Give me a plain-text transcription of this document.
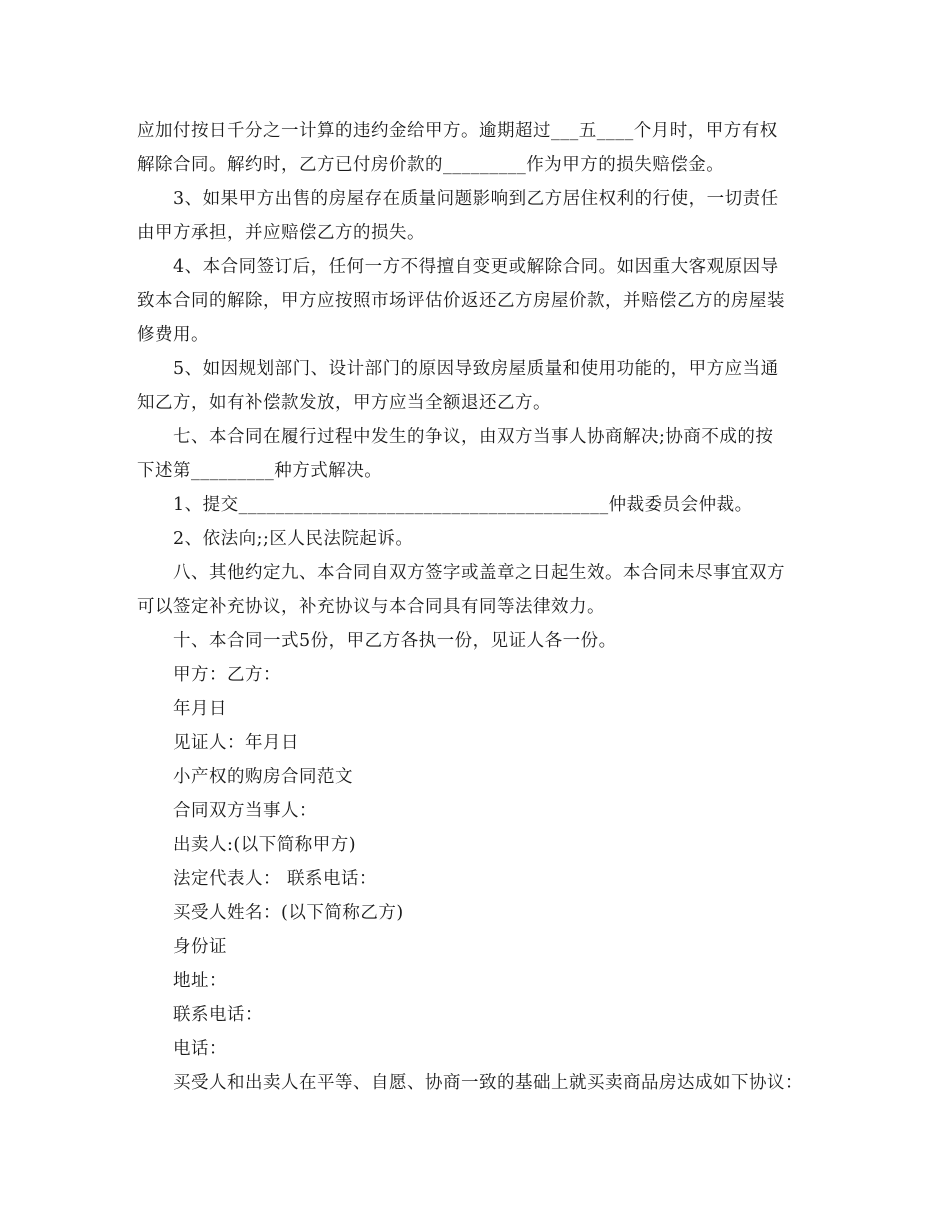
应加付按日千分之一计算的违约金给甲方。逾期超过___五____个月时，甲方有权

解除合同。解约时，乙方已付房价款的_________作为甲方的损失赔偿金。

3、如果甲方出售的房屋存在质量问题影响到乙方居住权利的行使，一切责任

由甲方承担，并应赔偿乙方的损失。

4、本合同签订后，任何一方不得擅自变更或解除合同。如因重大客观原因导

致本合同的解除，甲方应按照市场评估价返还乙方房屋价款，并赔偿乙方的房屋装

修费用。

5、如因规划部门、设计部门的原因导致房屋质量和使用功能的，甲方应当通

知乙方，如有补偿款发放，甲方应当全额退还乙方。

七、本合同在履行过程中发生的争议，由双方当事人协商解决;协商不成的按

下述第_________种方式解决。

1、提交________________________________________仲裁委员会仲裁。

2、依法向;;区人民法院起诉。

八、其他约定九、本合同自双方签字或盖章之日起生效。本合同未尽事宜双方

可以签定补充协议，补充协议与本合同具有同等法律效力。

十、本合同一式5份，甲乙方各执一份，见证人各一份。

甲方：乙方：

年月日

见证人：年月日

小产权的购房合同范文

合同双方当事人：

出卖人:(以下简称甲方)

法定代表人： 联系电话：

买受人姓名：(以下简称乙方)

身份证

地址：

联系电话：

电话：

买受人和出卖人在平等、自愿、协商一致的基础上就买卖商品房达成如下协议：
